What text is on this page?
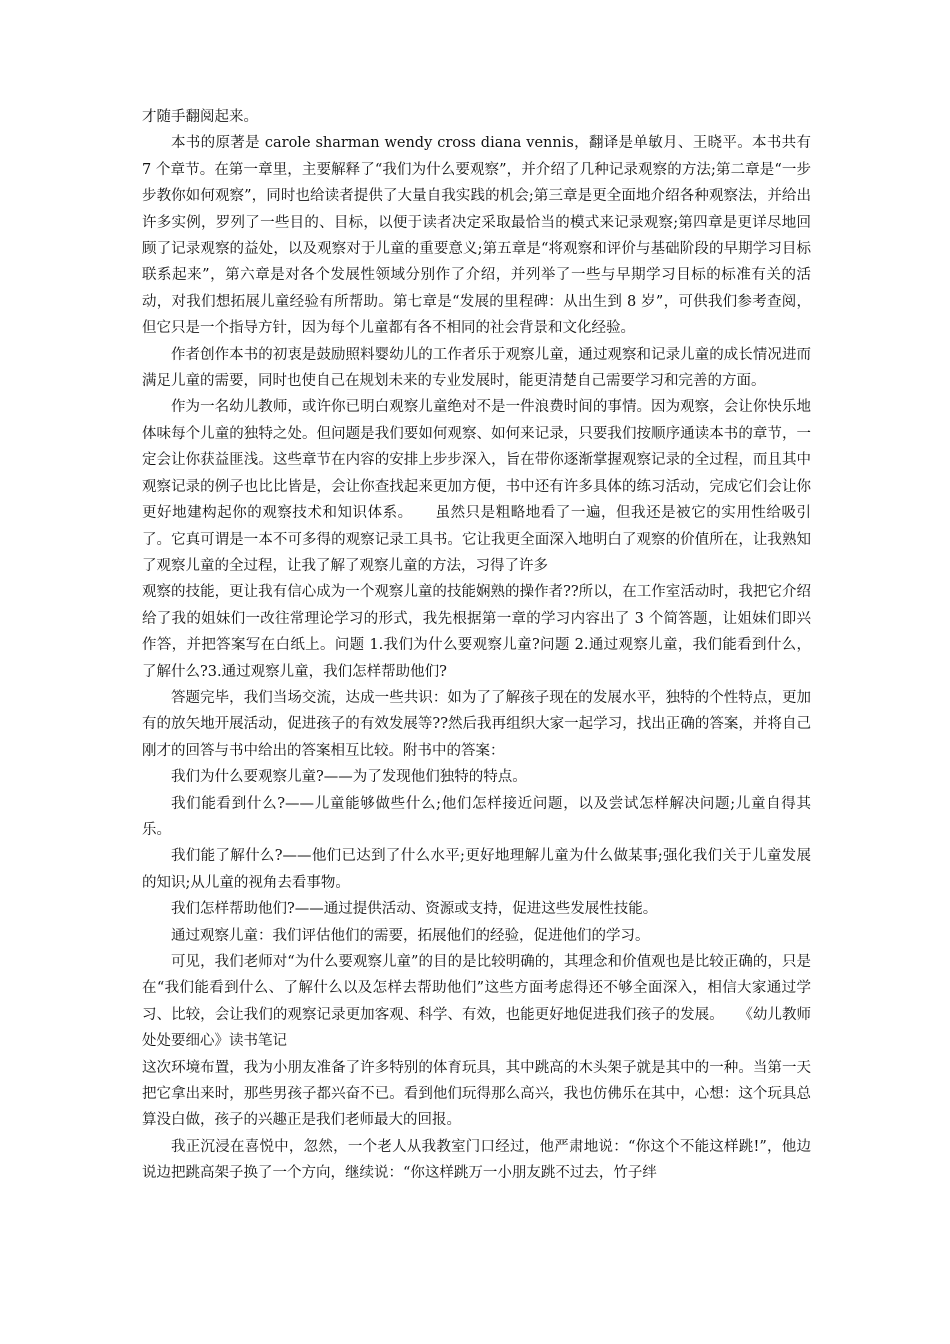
才随手翻阅起来。

本书的原著是 carole sharman wendy cross diana vennis，翻译是单敏月、王晓平。本书共有 7 个章节。在第一章里，主要解释了“我们为什么要观察”，并介绍了几种记录观察的方法;第二章是“一步步教你如何观察”，同时也给读者提供了大量自我实践的机会;第三章是更全面地介绍各种观察法，并给出许多实例，罗列了一些目的、目标，以便于读者决定采取最恰当的模式来记录观察;第四章是更详尽地回顾了记录观察的益处，以及观察对于儿童的重要意义;第五章是“将观察和评价与基础阶段的早期学习目标联系起来”，第六章是对各个发展性领域分别作了介绍，并列举了一些与早期学习目标的标准有关的活动，对我们想拓展儿童经验有所帮助。第七章是“发展的里程碑：从出生到 8 岁”，可供我们参考查阅，但它只是一个指导方针，因为每个儿童都有各不相同的社会背景和文化经验。

作者创作本书的初衷是鼓励照料婴幼儿的工作者乐于观察儿童，通过观察和记录儿童的成长情况进而满足儿童的需要，同时也使自己在规划未来的专业发展时，能更清楚自己需要学习和完善的方面。

作为一名幼儿教师，或许你已明白观察儿童绝对不是一件浪费时间的事情。因为观察，会让你快乐地体味每个儿童的独特之处。但问题是我们要如何观察、如何来记录，只要我们按顺序通读本书的章节，一定会让你获益匪浅。这些章节在内容的安排上步步深入，旨在带你逐渐掌握观察记录的全过程，而且其中观察记录的例子也比比皆是，会让你查找起来更加方便，书中还有许多具体的练习活动，完成它们会让你更好地建构起你的观察技术和知识体系。　　虽然只是粗略地看了一遍，但我还是被它的实用性给吸引了。它真可谓是一本不可多得的观察记录工具书。它让我更全面深入地明白了观察的价值所在，让我熟知了观察儿童的全过程，让我了解了观察儿童的方法，习得了许多

观察的技能，更让我有信心成为一个观察儿童的技能娴熟的操作者??所以，在工作室活动时，我把它介绍给了我的姐妹们一改往常理论学习的形式，我先根据第一章的学习内容出了 3 个简答题，让姐妹们即兴作答，并把答案写在白纸上。问题 1.我们为什么要观察儿童?问题 2.通过观察儿童，我们能看到什么， 了解什么?3.通过观察儿童，我们怎样帮助他们?

答题完毕，我们当场交流，达成一些共识：如为了了解孩子现在的发展水平，独特的个性特点，更加有的放矢地开展活动，促进孩子的有效发展等??然后我再组织大家一起学习，找出正确的答案，并将自己刚才的回答与书中给出的答案相互比较。附书中的答案：

我们为什么要观察儿童?——为了发现他们独特的特点。

我们能看到什么?——儿童能够做些什么;他们怎样接近问题，以及尝试怎样解决问题;儿童自得其乐。

我们能了解什么?——他们已达到了什么水平;更好地理解儿童为什么做某事;强化我们关于儿童发展的知识;从儿童的视角去看事物。

我们怎样帮助他们?——通过提供活动、资源或支持，促进这些发展性技能。

通过观察儿童：我们评估他们的需要，拓展他们的经验，促进他们的学习。

可见，我们老师对“为什么要观察儿童”的目的是比较明确的，其理念和价值观也是比较正确的，只是在“我们能看到什么、了解什么以及怎样去帮助他们”这些方面考虑得还不够全面深入，相信大家通过学习、比较，会让我们的观察记录更加客观、科学、有效，也能更好地促进我们孩子的发展。　　《幼儿教师处处要细心》读书笔记

这次环境布置，我为小朋友准备了许多特别的体育玩具，其中跳高的木头架子就是其中的一种。当第一天把它拿出来时，那些男孩子都兴奋不已。看到他们玩得那么高兴，我也仿佛乐在其中，心想：这个玩具总算没白做，孩子的兴趣正是我们老师最大的回报。

我正沉浸在喜悦中，忽然，一个老人从我教室门口经过，他严肃地说：“你这个不能这样跳!”，他边说边把跳高架子换了一个方向，继续说：“你这样跳万一小朋友跳不过去，竹子绊
